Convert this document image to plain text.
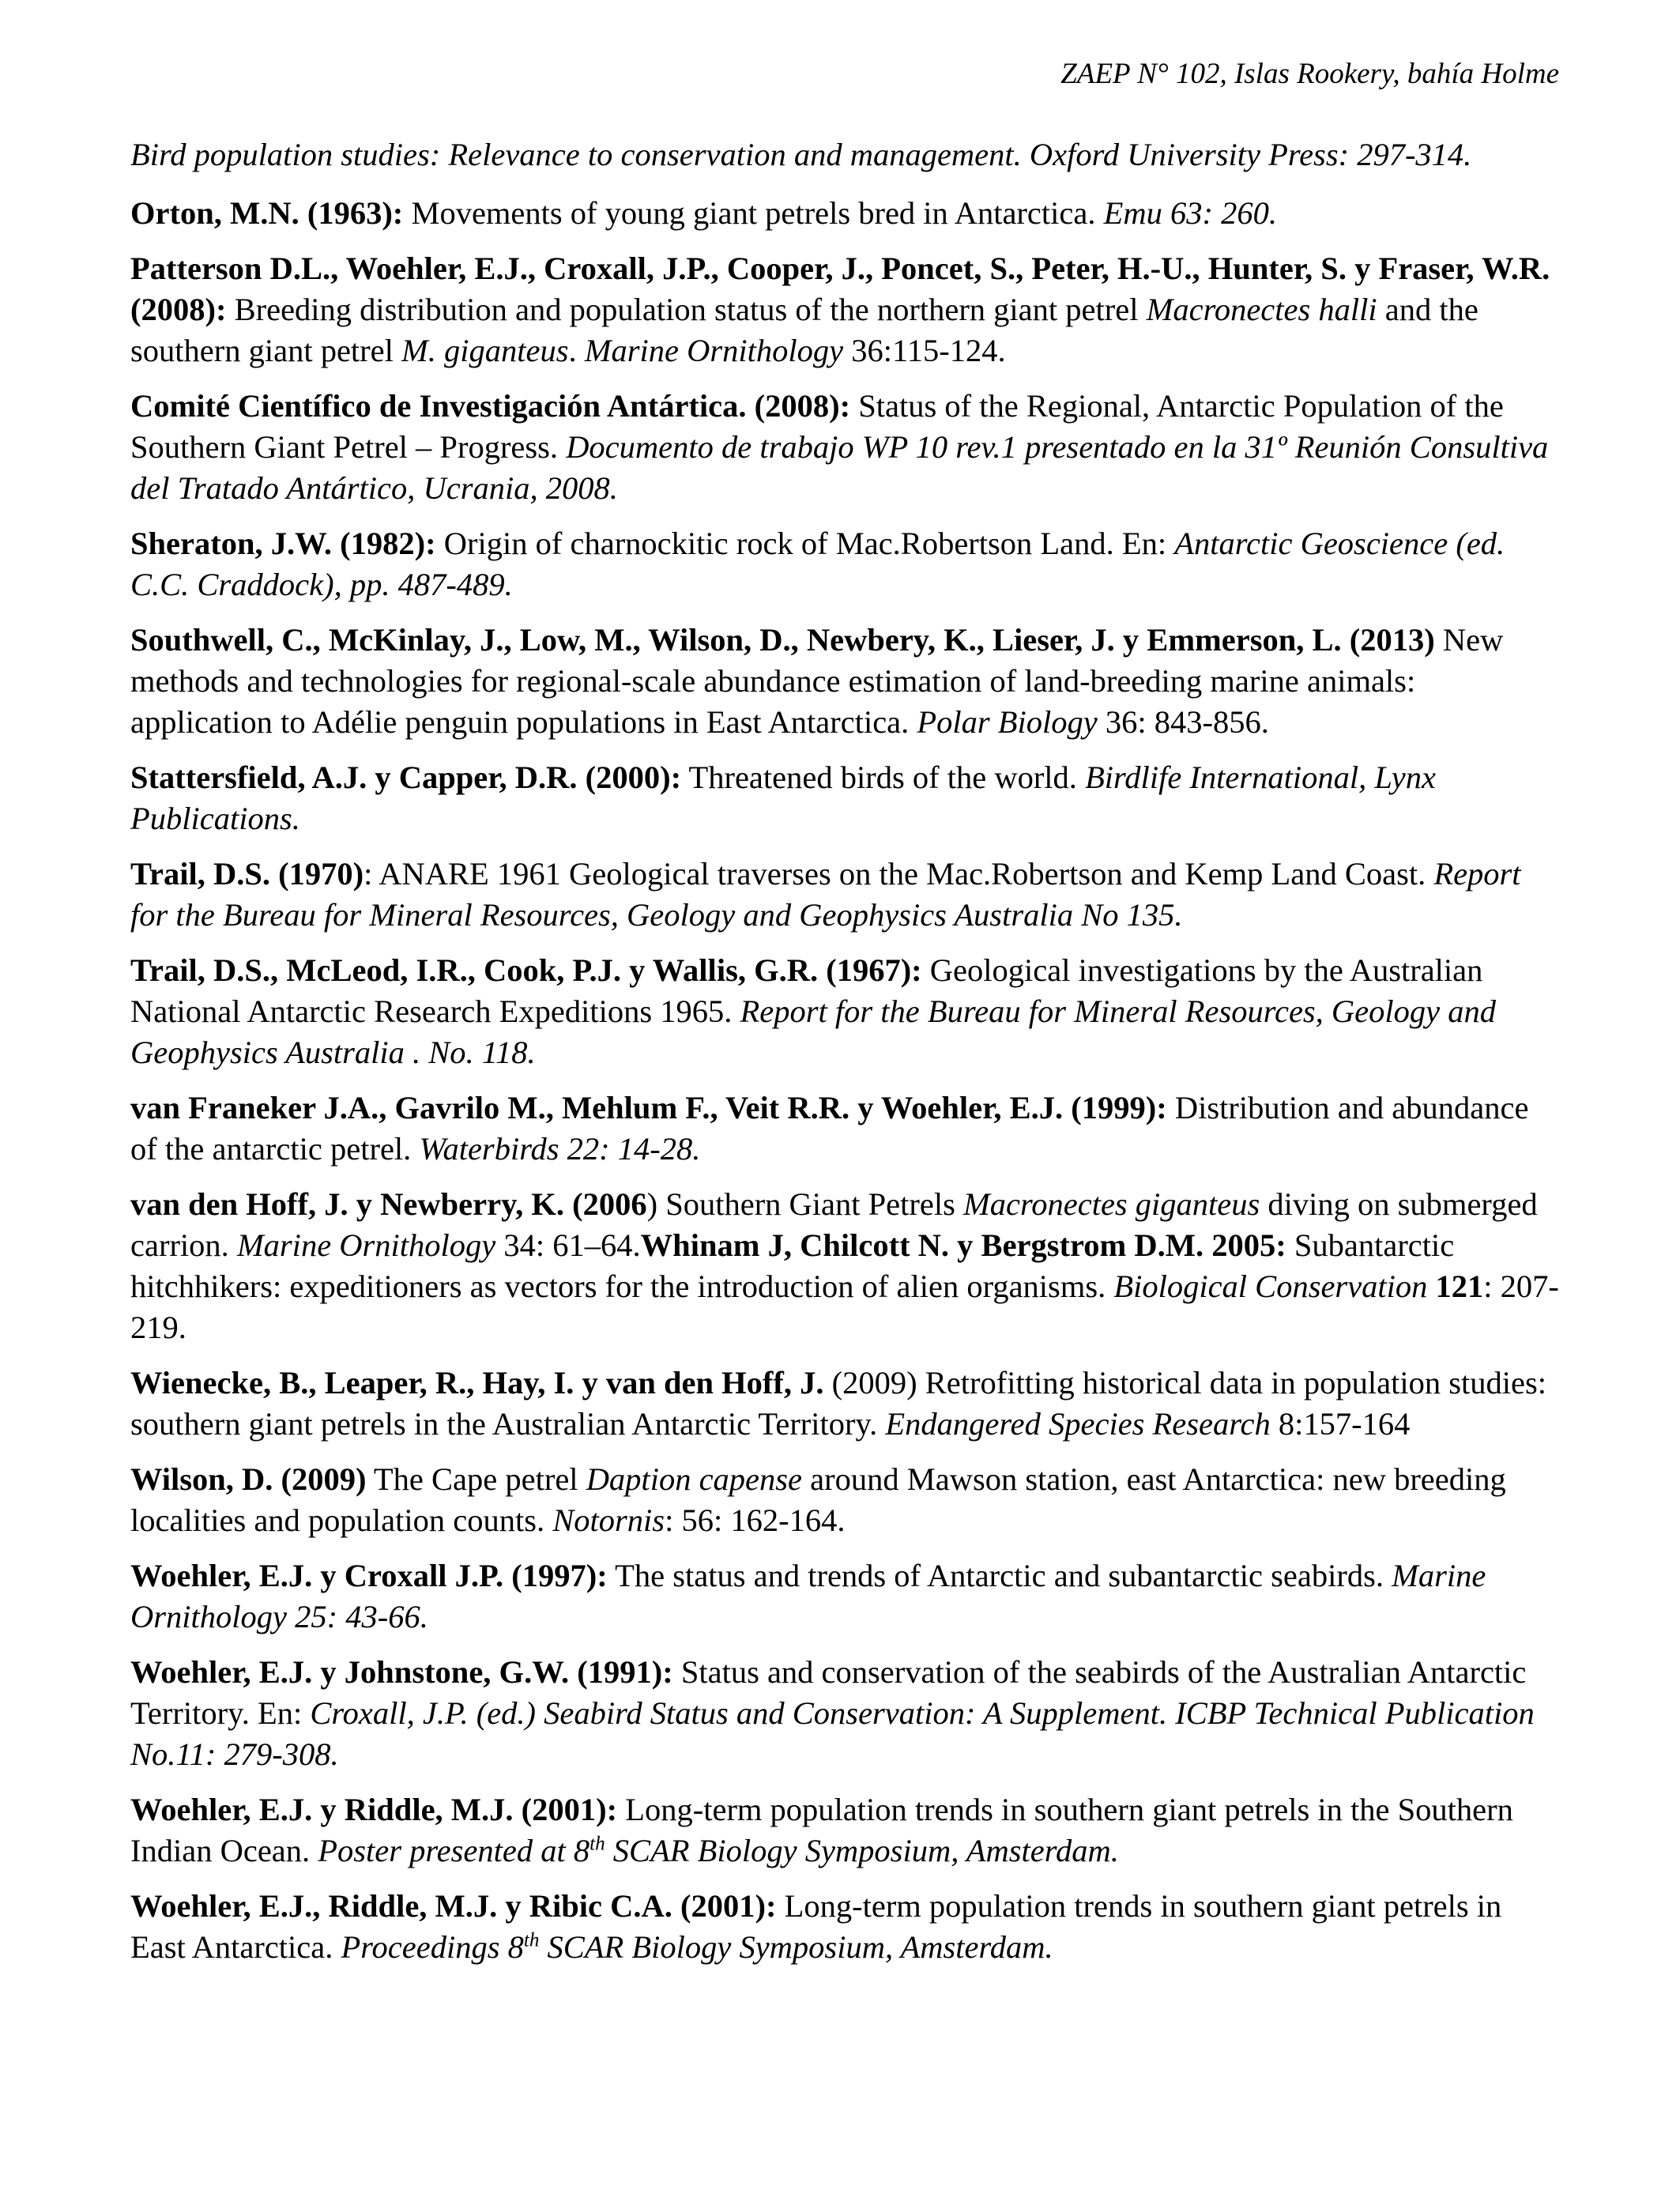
ZAEP N° 102, Islas Rookery, bahía Holme

Bird population studies: Relevance to conservation and management. Oxford University Press: 297-314.

Orton, M.N. (1963): Movements of young giant petrels bred in Antarctica. Emu 63: 260.

Patterson D.L., Woehler, E.J., Croxall, J.P., Cooper, J., Poncet, S., Peter, H.-U., Hunter, S. y Fraser, W.R. (2008): Breeding distribution and population status of the northern giant petrel Macronectes halli and the southern giant petrel M. giganteus. Marine Ornithology 36:115-124.

Comité Científico de Investigación Antártica. (2008): Status of the Regional, Antarctic Population of the Southern Giant Petrel – Progress. Documento de trabajo WP 10 rev.1 presentado en la 31º Reunión Consultiva del Tratado Antártico, Ucrania, 2008.

Sheraton, J.W. (1982): Origin of charnockitic rock of Mac.Robertson Land. En: Antarctic Geoscience (ed. C.C. Craddock), pp. 487-489.

Southwell, C., McKinlay, J., Low, M., Wilson, D., Newbery, K., Lieser, J. y Emmerson, L. (2013) New methods and technologies for regional-scale abundance estimation of land-breeding marine animals: application to Adélie penguin populations in East Antarctica. Polar Biology 36: 843-856.

Stattersfield, A.J. y Capper, D.R. (2000): Threatened birds of the world. Birdlife International, Lynx Publications.

Trail, D.S. (1970): ANARE 1961 Geological traverses on the Mac.Robertson and Kemp Land Coast. Report for the Bureau for Mineral Resources, Geology and Geophysics Australia No 135.

Trail, D.S., McLeod, I.R., Cook, P.J. y Wallis, G.R. (1967): Geological investigations by the Australian National Antarctic Research Expeditions 1965. Report for the Bureau for Mineral Resources, Geology and Geophysics Australia . No. 118.

van Franeker J.A., Gavrilo M., Mehlum F., Veit R.R. y Woehler, E.J. (1999): Distribution and abundance of the antarctic petrel. Waterbirds 22: 14-28.

van den Hoff, J. y Newberry, K. (2006) Southern Giant Petrels Macronectes giganteus diving on submerged carrion. Marine Ornithology 34: 61–64.Whinam J, Chilcott N. y Bergstrom D.M. 2005: Subantarctic hitchhikers: expeditioners as vectors for the introduction of alien organisms. Biological Conservation 121: 207-219.

Wienecke, B., Leaper, R., Hay, I. y van den Hoff, J. (2009) Retrofitting historical data in population studies: southern giant petrels in the Australian Antarctic Territory. Endangered Species Research 8:157-164

Wilson, D. (2009) The Cape petrel Daption capense around Mawson station, east Antarctica: new breeding localities and population counts. Notornis: 56: 162-164.

Woehler, E.J. y Croxall J.P. (1997): The status and trends of Antarctic and subantarctic seabirds. Marine Ornithology 25: 43-66.

Woehler, E.J. y Johnstone, G.W. (1991): Status and conservation of the seabirds of the Australian Antarctic Territory. En: Croxall, J.P. (ed.) Seabird Status and Conservation: A Supplement. ICBP Technical Publication No.11: 279-308.

Woehler, E.J. y Riddle, M.J. (2001): Long-term population trends in southern giant petrels in the Southern Indian Ocean. Poster presented at 8th SCAR Biology Symposium, Amsterdam.

Woehler, E.J., Riddle, M.J. y Ribic C.A. (2001): Long-term population trends in southern giant petrels in East Antarctica. Proceedings 8th SCAR Biology Symposium, Amsterdam.
